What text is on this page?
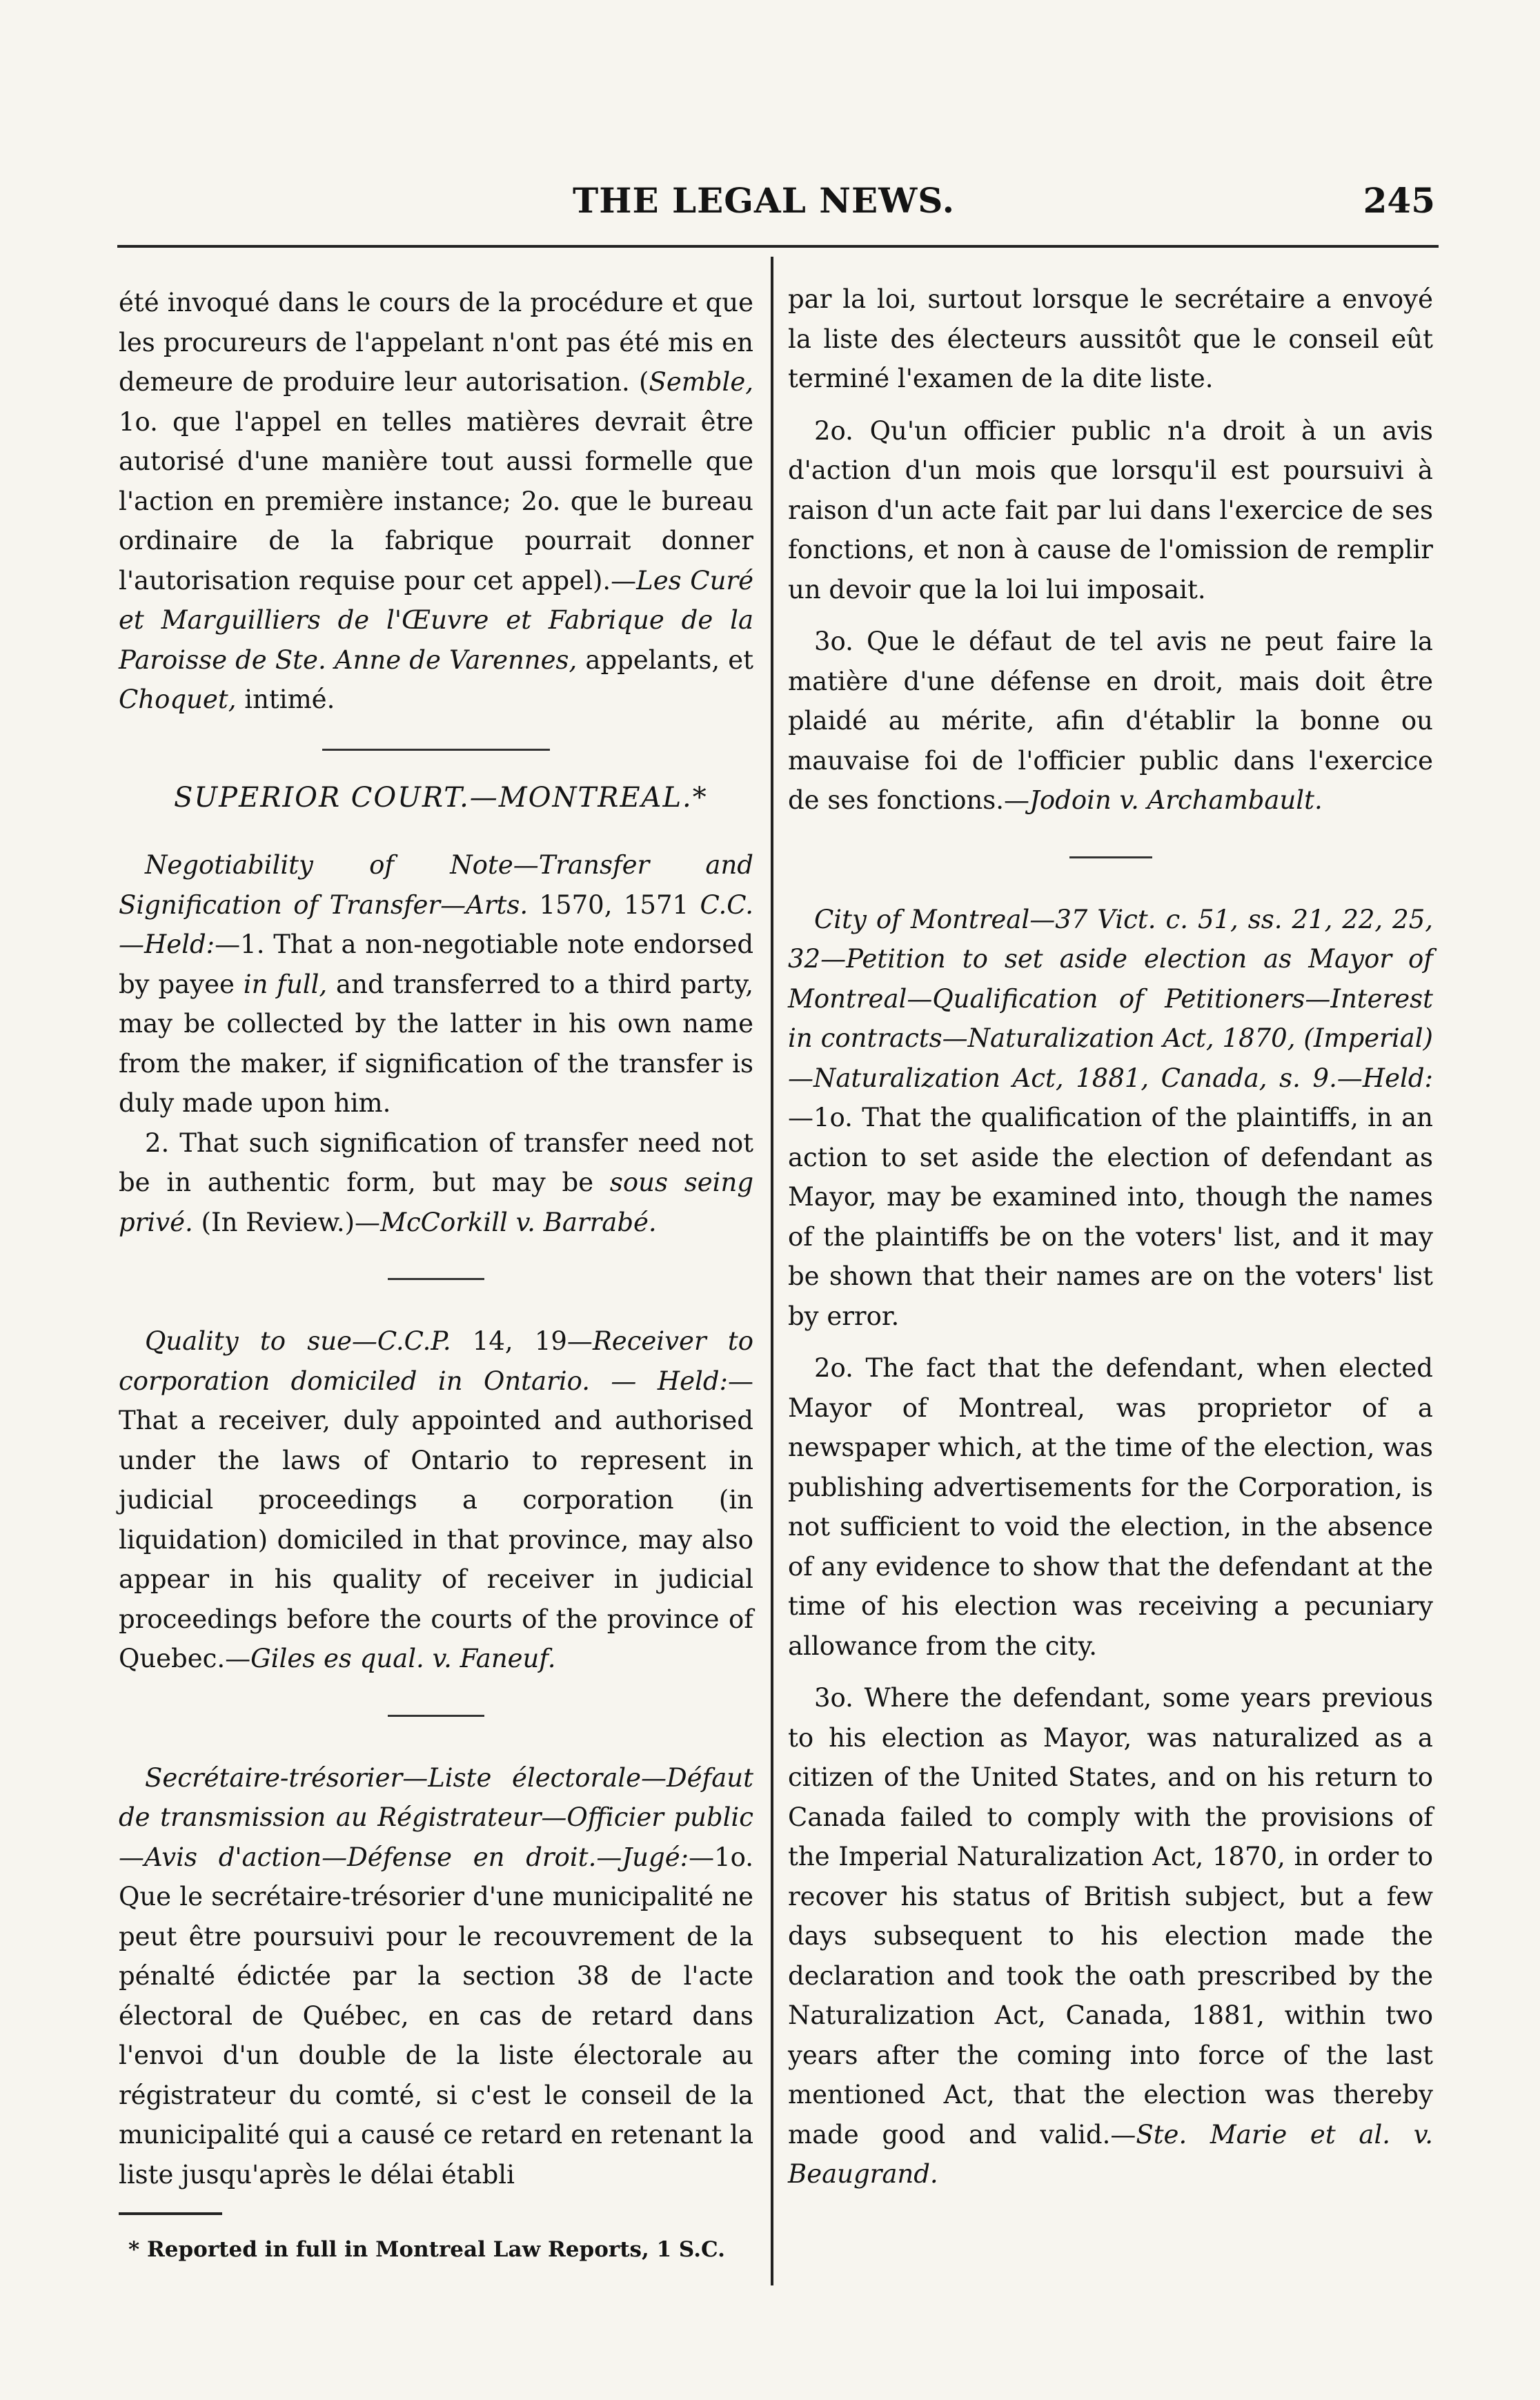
THE LEGAL NEWS.	245

été invoqué dans le cours de la procédure et que les procureurs de l'appelant n'ont pas été mis en demeure de produire leur autorisation. (Semble, 1o. que l'appel en telles matières devrait être autorisé d'une manière tout aussi formelle que l'action en première instance; 2o. que le bureau ordinaire de la fabrique pourrait donner l'autorisation requise pour cet appel).—Les Curé et Marguilliers de l'Œuvre et Fabrique de la Paroisse de Ste. Anne de Varennes, appelants, et Choquet, intimé.

SUPERIOR COURT.—MONTREAL.*

Negotiability of Note—Transfer and Signification of Transfer—Arts. 1570, 1571 C.C.—Held:—1. That a non-negotiable note endorsed by payee in full, and transferred to a third party, may be collected by the latter in his own name from the maker, if signification of the transfer is duly made upon him.

2. That such signification of transfer need not be in authentic form, but may be sous seing privé. (In Review.)—McCorkill v. Barrabé.

Quality to sue—C.C.P. 14, 19—Receiver to corporation domiciled in Ontario. — Held:— That a receiver, duly appointed and authorised under the laws of Ontario to represent in judicial proceedings a corporation (in liquidation) domiciled in that province, may also appear in his quality of receiver in judicial proceedings before the courts of the province of Quebec.—Giles es qual. v. Faneuf.

Secrétaire-trésorier—Liste électorale—Défaut de transmission au Régistrateur—Officier public—Avis d'action—Défense en droit.—Jugé:—1o. Que le secrétaire-trésorier d'une municipalité ne peut être poursuivi pour le recouvrement de la pénalté édictée par la section 38 de l'acte électoral de Québec, en cas de retard dans l'envoi d'un double de la liste électorale au régistrateur du comté, si c'est le conseil de la municipalité qui a causé ce retard en retenant la liste jusqu'après le délai établi

* Reported in full in Montreal Law Reports, 1 S.C.

par la loi, surtout lorsque le secrétaire a envoyé la liste des électeurs aussitôt que le conseil eût terminé l'examen de la dite liste.

2o. Qu'un officier public n'a droit à un avis d'action d'un mois que lorsqu'il est poursuivi à raison d'un acte fait par lui dans l'exercice de ses fonctions, et non à cause de l'omission de remplir un devoir que la loi lui imposait.

3o. Que le défaut de tel avis ne peut faire la matière d'une défense en droit, mais doit être plaidé au mérite, afin d'établir la bonne ou mauvaise foi de l'officier public dans l'exercice de ses fonctions.—Jodoin v. Archambault.

City of Montreal—37 Vict. c. 51, ss. 21, 22, 25, 32—Petition to set aside election as Mayor of Montreal—Qualification of Petitioners—Interest in contracts—Naturalization Act, 1870, (Imperial)—Naturalization Act, 1881, Canada, s. 9.—Held:—1o. That the qualification of the plaintiffs, in an action to set aside the election of defendant as Mayor, may be examined into, though the names of the plaintiffs be on the voters' list, and it may be shown that their names are on the voters' list by error.

2o. The fact that the defendant, when elected Mayor of Montreal, was proprietor of a newspaper which, at the time of the election, was publishing advertisements for the Corporation, is not sufficient to void the election, in the absence of any evidence to show that the defendant at the time of his election was receiving a pecuniary allowance from the city.

3o. Where the defendant, some years previous to his election as Mayor, was naturalized as a citizen of the United States, and on his return to Canada failed to comply with the provisions of the Imperial Naturalization Act, 1870, in order to recover his status of British subject, but a few days subsequent to his election made the declaration and took the oath prescribed by the Naturalization Act, Canada, 1881, within two years after the coming into force of the last mentioned Act, that the election was thereby made good and valid.—Ste. Marie et al. v. Beaugrand.
